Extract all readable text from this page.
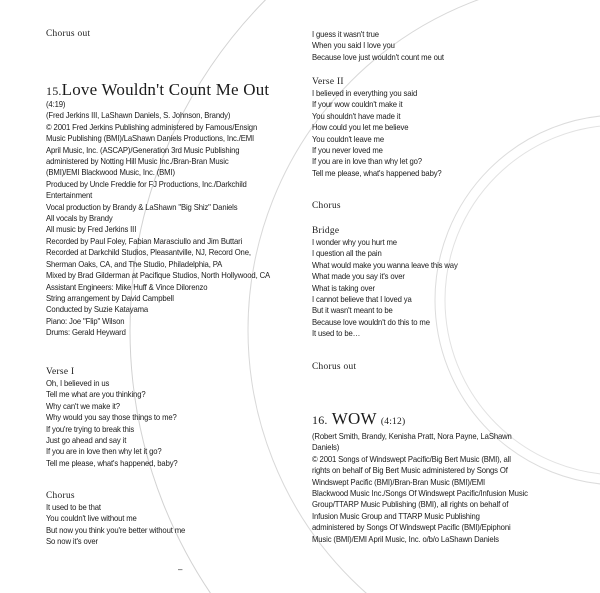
Chorus out
15.Love Wouldn't Count Me Out
(4:19)
(Fred Jerkins III, LaShawn Daniels, S. Johnson, Brandy)
© 2001 Fred Jerkins Publishing administered by Famous/Ensign
Music Publishing (BMI)/LaShawn Daniels Productions, Inc./EMI
April Music, Inc. (ASCAP)/Generation 3rd Music Publishing
administered by Notting Hill Music Inc./Bran-Bran Music
(BMI)/EMI Blackwood Music, Inc. (BMI)
Produced by Uncle Freddie for FJ Productions, Inc./Darkchild
Entertainment
Vocal production by Brandy & LaShawn "Big Shiz" Daniels
All vocals by Brandy
All music by Fred Jerkins III
Recorded by Paul Foley, Fabian Marasciullo and Jim Buttari
Recorded at Darkchild Studios, Pleasantville, NJ, Record One,
Sherman Oaks, CA, and The Studio, Philadelphia, PA
Mixed by Brad Gilderman at Pacifique Studios, North Hollywood, CA
Assistant Engineers: Mike Huff & Vince Dilorenzo
String arrangement by David Campbell
Conducted by Suzie Katayama
Piano: Joe "Flip" Wilson
Drums: Gerald Heyward
Verse I
Oh, I believed in us
Tell me what are you thinking?
Why can't we make it?
Why would you say those things to me?
If you're trying to break this
Just go ahead and say it
If you are in love then why let it go?
Tell me please, what's happened, baby?
Chorus
It used to be that
You couldn't live without me
But now you think you're better without me
So now it's over
–
I guess it wasn't true
When you said I love you
Because love just wouldn't count me out
Verse II
I believed in everything you said
If your wow couldn't make it
You shouldn't have made it
How could you let me believe
You couldn't leave me
If you never loved me
If you are in love than why let go?
Tell me please, what's happened baby?
Chorus
Bridge
I wonder why you hurt me
I question all the pain
What would make you wanna leave this way
What made you say it's over
What is taking over
I cannot believe that I loved ya
But it wasn't meant to be
Because love wouldn't do this to me
It used to be…
Chorus out
16. WOW (4:12)
(Robert Smith, Brandy, Kenisha Pratt, Nora Payne, LaShawn
Daniels)
© 2001 Songs of Windswept Pacific/Big Bert Music (BMI), all
rights on behalf of Big Bert Music administered by Songs Of
Windswept Pacific (BMI)/Bran-Bran Music (BMI)/EMI
Blackwood Music Inc./Songs Of Windswept Pacific/Infusion Music
Group/TTARP Music Publishing (BMI), all rights on behalf of
Infusion Music Group and TTARP Music Publishing
administered by Songs Of Windswept Pacific (BMI)/Epiphoni
Music (BMI)/EMI April Music, Inc. o/b/o LaShawn Daniels
